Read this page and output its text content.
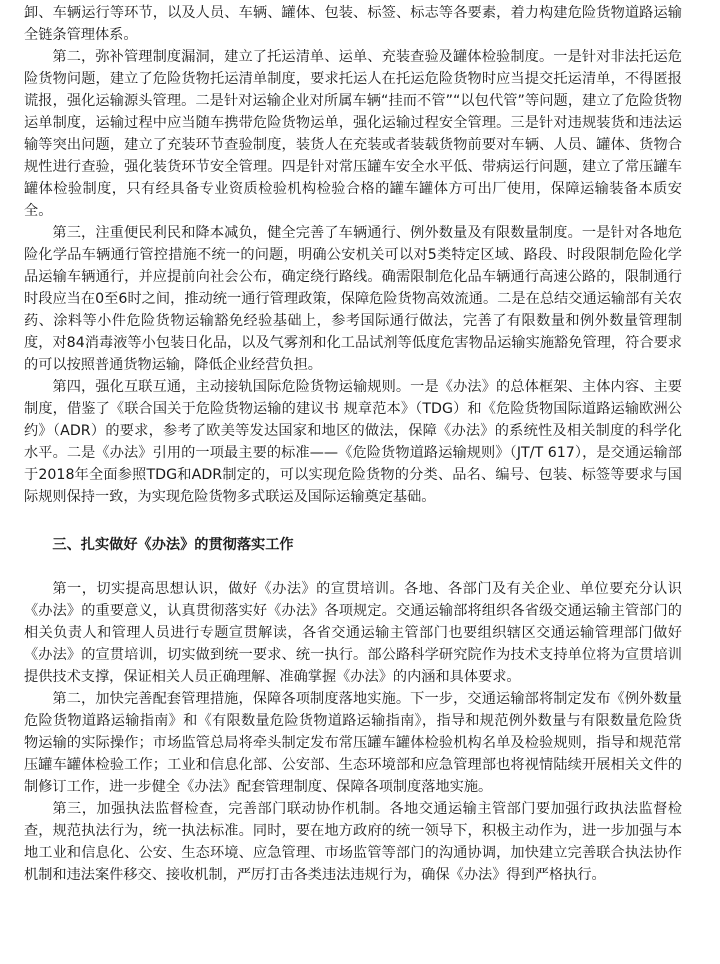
卸、车辆运行等环节，以及人员、车辆、罐体、包装、标签、标志等各要素，着力构建危险货物道路运输全链条管理体系。

第二，弥补管理制度漏洞，建立了托运清单、运单、充装查验及罐体检验制度。一是针对非法托运危险货物问题，建立了危险货物托运清单制度，要求托运人在托运危险货物时应当提交托运清单，不得匿报谎报，强化运输源头管理。二是针对运输企业对所属车辆“挂而不管”“以包代管”等问题，建立了危险货物运单制度，运输过程中应当随车携带危险货物运单，强化运输过程安全管理。三是针对违规装货和违法运输等突出问题，建立了充装环节查验制度，装货人在充装或者装载货物前要对车辆、人员、罐体、货物合规性进行查验，强化装货环节安全管理。四是针对常压罐车安全水平低、带病运行问题，建立了常压罐车罐体检验制度，只有经具备专业资质检验机构检验合格的罐车罐体方可出厂使用，保障运输装备本质安全。

第三，注重便民利民和降本减负，健全完善了车辆通行、例外数量及有限数量制度。一是针对各地危险化学品车辆通行管控措施不统一的问题，明确公安机关可以对5类特定区域、路段、时段限制危险化学品运输车辆通行，并应提前向社会公布，确定绕行路线。确需限制危化品车辆通行高速公路的，限制通行时段应当在0至6时之间，推动统一通行管理政策，保障危险货物高效流通。二是在总结交通运输部有关农药、涂料等小件危险货物运输豁免经验基础上，参考国际通行做法，完善了有限数量和例外数量管理制度，对84消毒液等小包装日化品，以及气雾剂和化工品试剂等低度危害物品运输实施豁免管理，符合要求的可以按照普通货物运输，降低企业经营负担。

第四，强化互联互通，主动接轨国际危险货物运输规则。一是《办法》的总体框架、主体内容、主要制度，借鉴了《联合国关于危险货物运输的建议书 规章范本》（TDG）和《危险货物国际道路运输欧洲公约》（ADR）的要求，参考了欧美等发达国家和地区的做法，保障《办法》的系统性及相关制度的科学化水平。二是《办法》引用的一项最主要的标准——《危险货物道路运输规则》（JT/T 617），是交通运输部于2018年全面参照TDG和ADR制定的，可以实现危险货物的分类、品名、编号、包装、标签等要求与国际规则保持一致，为实现危险货物多式联运及国际运输奠定基础。

三、扎实做好《办法》的贯彻落实工作

第一，切实提高思想认识，做好《办法》的宣贯培训。各地、各部门及有关企业、单位要充分认识《办法》的重要意义，认真贯彻落实好《办法》各项规定。交通运输部将组织各省级交通运输主管部门的相关负责人和管理人员进行专题宣贯解读，各省交通运输主管部门也要组织辖区交通运输管理部门做好《办法》的宣贯培训，切实做到统一要求、统一执行。部公路科学研究院作为技术支持单位将为宣贯培训提供技术支撑，保证相关人员正确理解、准确掌握《办法》的内涵和具体要求。

第二，加快完善配套管理措施，保障各项制度落地实施。下一步，交通运输部将制定发布《例外数量危险货物道路运输指南》和《有限数量危险货物道路运输指南》，指导和规范例外数量与有限数量危险货物运输的实际操作；市场监管总局将牵头制定发布常压罐车罐体检验机构名单及检验规则，指导和规范常压罐车罐体检验工作；工业和信息化部、公安部、生态环境部和应急管理部也将视情陆续开展相关文件的制修订工作，进一步健全《办法》配套管理制度、保障各项制度落地实施。

第三，加强执法监督检查，完善部门联动协作机制。各地交通运输主管部门要加强行政执法监督检查，规范执法行为，统一执法标准。同时，要在地方政府的统一领导下，积极主动作为，进一步加强与本地工业和信息化、公安、生态环境、应急管理、市场监管等部门的沟通协调，加快建立完善联合执法协作机制和违法案件移交、接收机制，严厉打击各类违法违规行为，确保《办法》得到严格执行。
